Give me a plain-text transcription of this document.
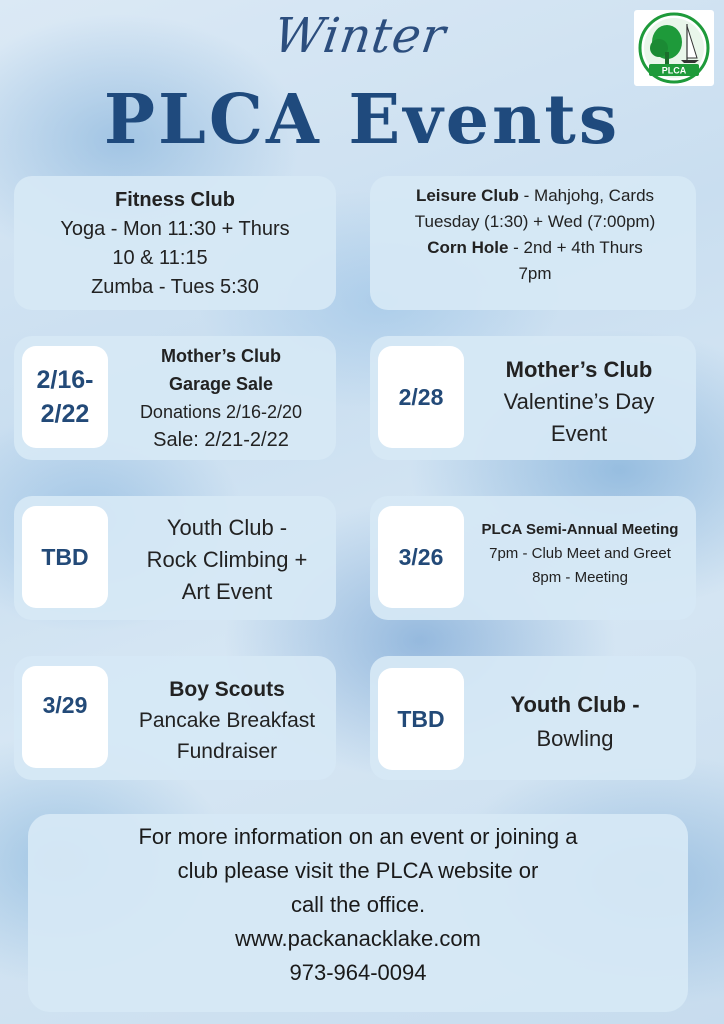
Winter
PLCA Events
PLCA
Fitness Club
Yoga - Mon 11:30 + Thurs
10 & 11:15
Zumba - Tues 5:30
Leisure Club - Mahjohg, Cards
Tuesday (1:30) + Wed (7:00pm)
Corn Hole - 2nd + 4th Thurs
7pm
2/16-
2/22
Mother’s Club
Garage Sale
Donations 2/16-2/20
Sale: 2/21-2/22
2/28
Mother’s Club
Valentine’s Day
Event
TBD
Youth Club -
Rock Climbing +
Art Event
3/26
PLCA Semi-Annual Meeting
7pm - Club Meet and Greet
8pm - Meeting
3/29
Boy Scouts
Pancake Breakfast
Fundraiser
TBD
Youth Club -
Bowling
For more information on an event or joining a
club please visit the PLCA website or
call the office.
www.packanacklake.com
973-964-0094
